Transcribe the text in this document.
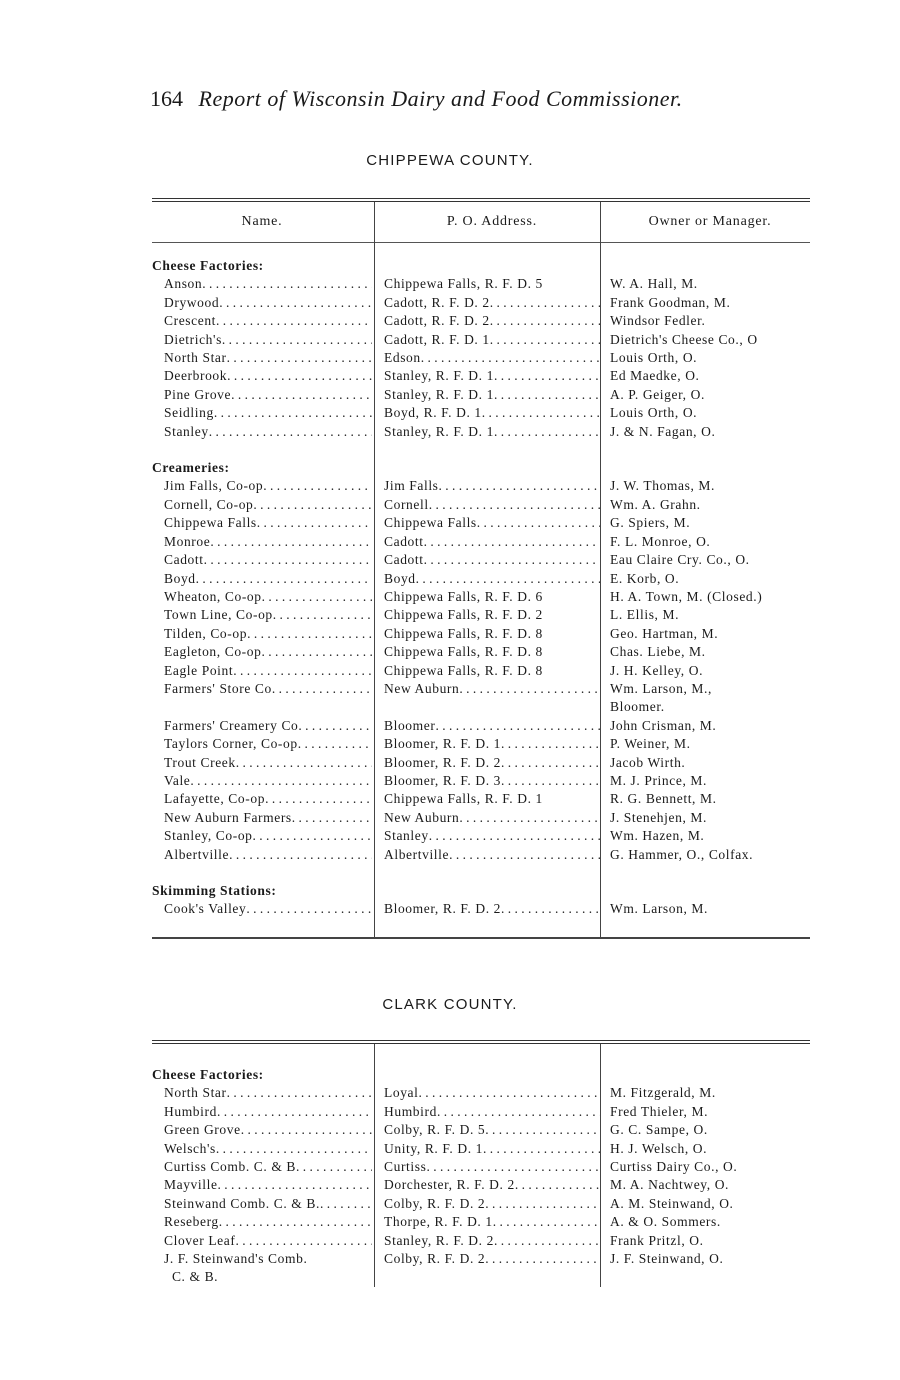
164 Report of Wisconsin Dairy and Food Commissioner.
CHIPPEWA COUNTY.
Name.	P. O. Address.	Owner or Manager.
Cheese Factories:
Anson . . .	Chippewa Falls, R. F. D. 5	W. A. Hall, M.
Drywood . . .	Cadott, R. F. D. 2 . . .	Frank Goodman, M.
Crescent . . .	Cadott, R. F. D. 2 . . .	Windsor Fedler.
Dietrich's . . .	Cadott, R. F. D. 1 . . .	Dietrich's Cheese Co., O
North Star . . .	Edson . . .	Louis Orth, O.
Deerbrook . . .	Stanley, R. F. D. 1 . . .	Ed Maedke, O.
Pine Grove . . .	Stanley, R. F. D. 1 . . .	A. P. Geiger, O.
Seidling . . .	Boyd, R. F. D. 1 . . .	Louis Orth, O.
Stanley . . .	Stanley, R. F. D. 1 . . .	J. & N. Fagan, O.
Creameries:
Jim Falls, Co-op . . .	Jim Falls . . .	J. W. Thomas, M.
Cornell, Co-op . . .	Cornell . . .	Wm. A. Grahn.
Chippewa Falls . . .	Chippewa Falls . . .	G. Spiers, M.
Monroe . . .	Cadott . . .	F. L. Monroe, O.
Cadott . . .	Cadott . . .	Eau Claire Cry. Co., O.
Boyd . . .	Boyd . . .	E. Korb, O.
Wheaton, Co-op . . .	Chippewa Falls, R. F. D. 6	H. A. Town, M. (Closed.)
Town Line, Co-op . . .	Chippewa Falls, R. F. D. 2	L. Ellis, M.
Tilden, Co-op . . .	Chippewa Falls, R. F. D. 8	Geo. Hartman, M.
Eagleton, Co-op . . .	Chippewa Falls, R. F. D. 8	Chas. Liebe, M.
Eagle Point . . .	Chippewa Falls, R. F. D. 8	J. H. Kelley, O.
Farmers' Store Co . . .	New Auburn . . .	Wm. Larson, M.,
Bloomer.
Farmers' Creamery Co . . .	Bloomer . . .	John Crisman, M.
Taylors Corner, Co-op . . .	Bloomer, R. F. D. 1 . . .	P. Weiner, M.
Trout Creek . . .	Bloomer, R. F. D. 2 . . .	Jacob Wirth.
Vale . . .	Bloomer, R. F. D. 3 . . .	M. J. Prince, M.
Lafayette, Co-op . . .	Chippewa Falls, R. F. D. 1	R. G. Bennett, M.
New Auburn Farmers . . .	New Auburn . . .	J. Stenehjen, M.
Stanley, Co-op . . .	Stanley . . .	Wm. Hazen, M.
Albertville . . .	Albertville . . .	G. Hammer, O., Colfax.
Skimming Stations:
Cook's Valley . . .	Bloomer, R. F. D. 2 . . .	Wm. Larson, M.
CLARK COUNTY.
Cheese Factories:
North Star . . .	Loyal . . .	M. Fitzgerald, M.
Humbird . . .	Humbird . . .	Fred Thieler, M.
Green Grove . . .	Colby, R. F. D. 5 . . .	G. C. Sampe, O.
Welsch's . . .	Unity, R. F. D. 1 . . .	H. J. Welsch, O.
Curtiss Comb. C. & B . . .	Curtiss . . .	Curtiss Dairy Co., O.
Mayville . . .	Dorchester, R. F. D. 2 . . .	M. A. Nachtwey, O.
Steinwand Comb. C. & B. . . .	Colby, R. F. D. 2 . . .	A. M. Steinwand, O.
Reseberg . . .	Thorpe, R. F. D. 1 . . .	A. & O. Sommers.
Clover Leaf . . .	Stanley, R. F. D. 2 . . .	Frank Pritzl, O.
J. F. Steinwand's Comb.
C. & B.
Colby, R. F. D. 2 . . .	J. F. Steinwand, O.
